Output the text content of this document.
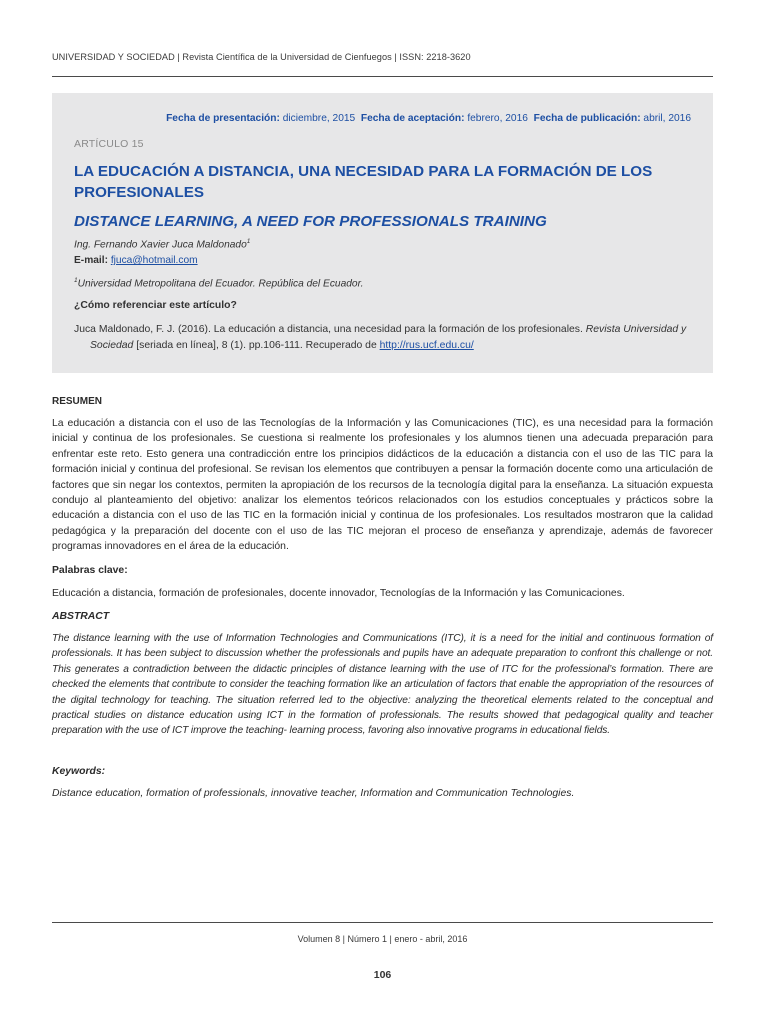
UNIVERSIDAD Y SOCIEDAD | Revista Científica de la Universidad de Cienfuegos | ISSN: 2218-3620
Fecha de presentación: diciembre, 2015 Fecha de aceptación: febrero, 2016 Fecha de publicación: abril, 2016
ARTÍCULO 15
LA EDUCACIÓN A DISTANCIA, UNA NECESIDAD PARA LA FORMACIÓN DE LOS PROFESIONALES
DISTANCE LEARNING, A NEED FOR PROFESSIONALS TRAINING
Ing. Fernando Xavier Juca Maldonado$^1$
E-mail: fjuca@hotmail.com
$^1$Universidad Metropolitana del Ecuador. República del Ecuador.
¿Cómo referenciar este artículo?
Juca Maldonado, F. J. (2016). La educación a distancia, una necesidad para la formación de los profesionales. Revista Universidad y Sociedad [seriada en línea], 8 (1). pp.106-111. Recuperado de http://rus.ucf.edu.cu/
RESUMEN
La educación a distancia con el uso de las Tecnologías de la Información y las Comunicaciones (TIC), es una necesidad para la formación inicial y continua de los profesionales. Se cuestiona si realmente los profesionales y los alumnos tienen una adecuada preparación para enfrentar este reto. Esto genera una contradicción entre los principios didácticos de la educación a distancia con el uso de las TIC para la formación inicial y continua del profesional. Se revisan los elementos que contribuyen a pensar la formación docente como una articulación de factores que sin negar los contextos, permiten la apropiación de los recursos de la tecnología digital para la enseñanza. La situación expuesta condujo al planteamiento del objetivo: analizar los elementos teóricos relacionados con los estudios conceptuales y prácticos sobre la educación a distancia con el uso de las TIC en la formación inicial y continua de los profesionales. Los resultados mostraron que la calidad pedagógica y la preparación del docente con el uso de las TIC mejoran el proceso de enseñanza y aprendizaje, además de favorecer programas innovadores en el área de la educación.
Palabras clave:
Educación a distancia, formación de profesionales, docente innovador, Tecnologías de la Información y las Comunicaciones.
ABSTRACT
The distance learning with the use of Information Technologies and Communications (ITC), it is a need for the initial and continuous formation of professionals. It has been subject to discussion whether the professionals and pupils have an adequate preparation to confront this challenge or not. This generates a contradiction between the didactic principles of distance learning with the use of ITC for the professional’s formation. There are checked the elements that contribute to consider the teaching formation like an articulation of factors that enable the appropriation of the resources of the digital technology for teaching. The situation referred led to the objective: analyzing the theoretical elements related to the conceptual and practical studies on distance education using ICT in the formation of professionals. The results showed that pedagogical quality and teacher preparation with the use of ICT improve the teaching- learning process, favoring also innovative programs in educational fields.
Keywords:
Distance education, formation of professionals, innovative teacher, Information and Communication Technologies.
Volumen 8 | Número 1 | enero - abril, 2016
106
